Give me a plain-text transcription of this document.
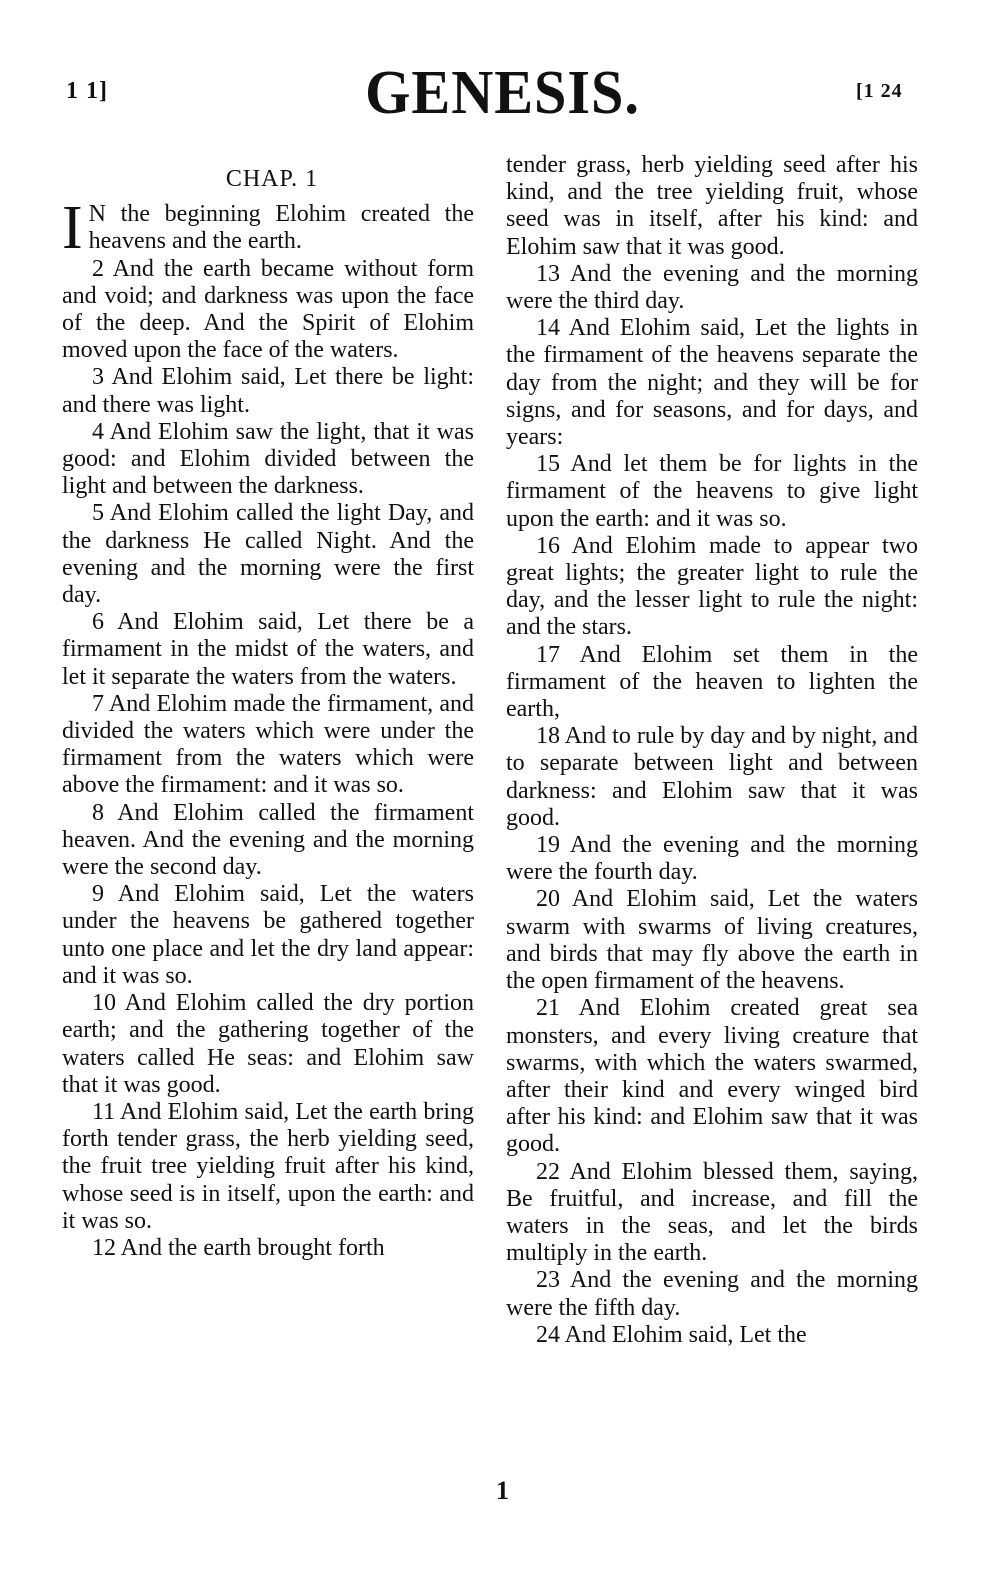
1 1]	GENESIS.	[1 24
CHAP. 1

I N the beginning Elohim created the heavens and the earth.

2 And the earth became without form and void; and darkness was upon the face of the deep. And the Spirit of Elohim moved upon the face of the waters.

3 And Elohim said, Let there be light: and there was light.

4 And Elohim saw the light, that it was good: and Elohim divided between the light and between the darkness.

5 And Elohim called the light Day, and the darkness He called Night. And the evening and the morning were the first day.

6 And Elohim said, Let there be a firmament in the midst of the waters, and let it separate the waters from the waters.

7 And Elohim made the firmament, and divided the waters which were under the firmament from the waters which were above the firmament: and it was so.

8 And Elohim called the firmament heaven. And the evening and the morning were the second day.

9 And Elohim said, Let the waters under the heavens be gathered together unto one place and let the dry land appear: and it was so.

10 And Elohim called the dry portion earth; and the gathering together of the waters called He seas: and Elohim saw that it was good.

11 And Elohim said, Let the earth bring forth tender grass, the herb yielding seed, the fruit tree yielding fruit after his kind, whose seed is in itself, upon the earth: and it was so.

12 And the earth brought forth

tender grass, herb yielding seed after his kind, and the tree yielding fruit, whose seed was in itself, after his kind: and Elohim saw that it was good.

13 And the evening and the morning were the third day.

14 And Elohim said, Let the lights in the firmament of the heavens separate the day from the night; and they will be for signs, and for seasons, and for days, and years:

15 And let them be for lights in the firmament of the heavens to give light upon the earth: and it was so.

16 And Elohim made to appear two great lights; the greater light to rule the day, and the lesser light to rule the night: and the stars.

17 And Elohim set them in the firmament of the heaven to lighten the earth,

18 And to rule by day and by night, and to separate between light and between darkness: and Elohim saw that it was good.

19 And the evening and the morning were the fourth day.

20 And Elohim said, Let the waters swarm with swarms of living creatures, and birds that may fly above the earth in the open firmament of the heavens.

21 And Elohim created great sea monsters, and every living creature that swarms, with which the waters swarmed, after their kind and every winged bird after his kind: and Elohim saw that it was good.

22 And Elohim blessed them, saying, Be fruitful, and increase, and fill the waters in the seas, and let the birds multiply in the earth.

23 And the evening and the morning were the fifth day.

24 And Elohim said, Let the

1
